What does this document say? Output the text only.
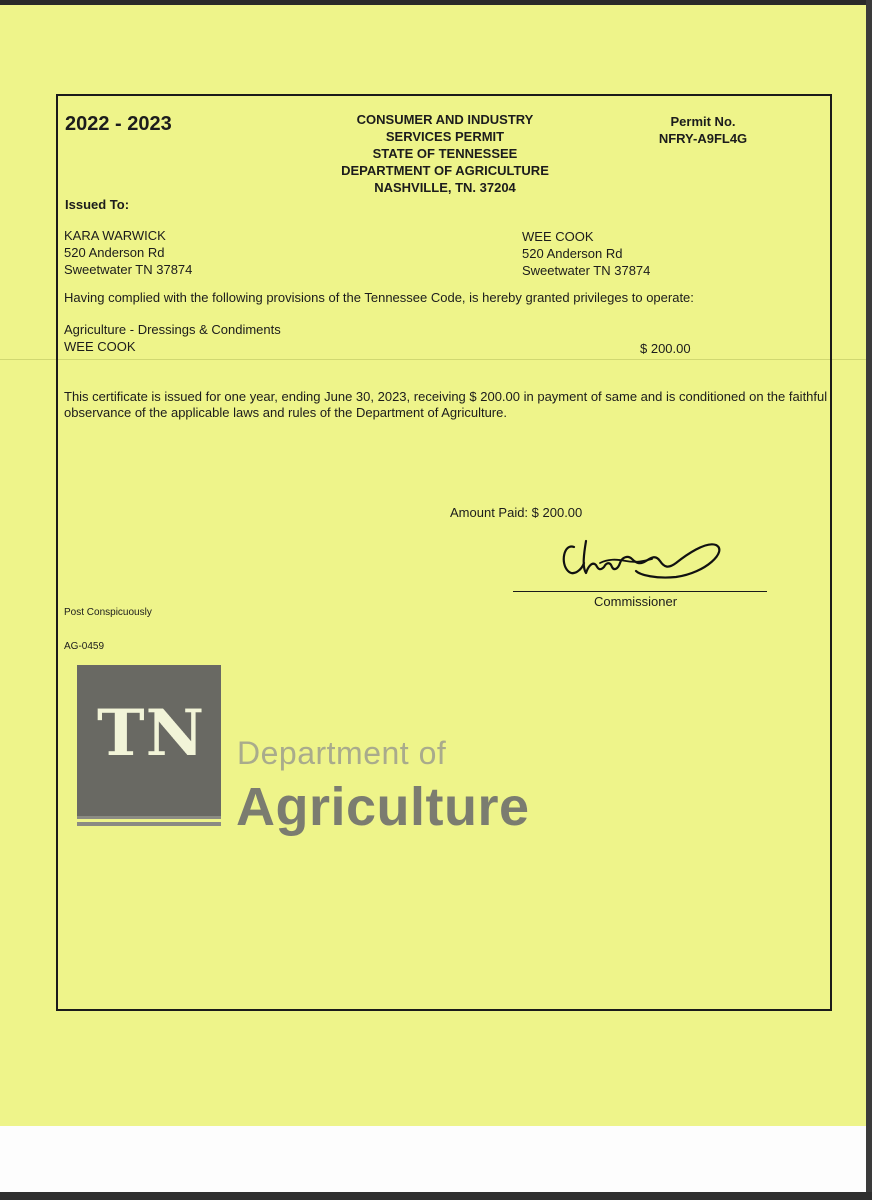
2022 - 2023	CONSUMER AND INDUSTRY
SERVICES PERMIT
STATE OF TENNESSEE
DEPARTMENT OF AGRICULTURE
NASHVILLE, TN. 37204
Permit No.
NFRY-A9FL4G
Issued To:
KARA WARWICK
520 Anderson Rd
Sweetwater TN 37874
WEE COOK
520 Anderson Rd
Sweetwater TN 37874
Having complied with the following provisions of the Tennessee Code, is hereby granted privileges to operate:
Agriculture - Dressings & Condiments
WEE COOK	$ 200.00
This certificate is issued for one year, ending June 30, 2023, receiving $ 200.00 in payment of same and is conditioned on the faithful observance of the applicable laws and rules of the Department of Agriculture.
Amount Paid: $ 200.00
Commissioner
Post Conspicuously
AG-0459
TN Department of
Agriculture
